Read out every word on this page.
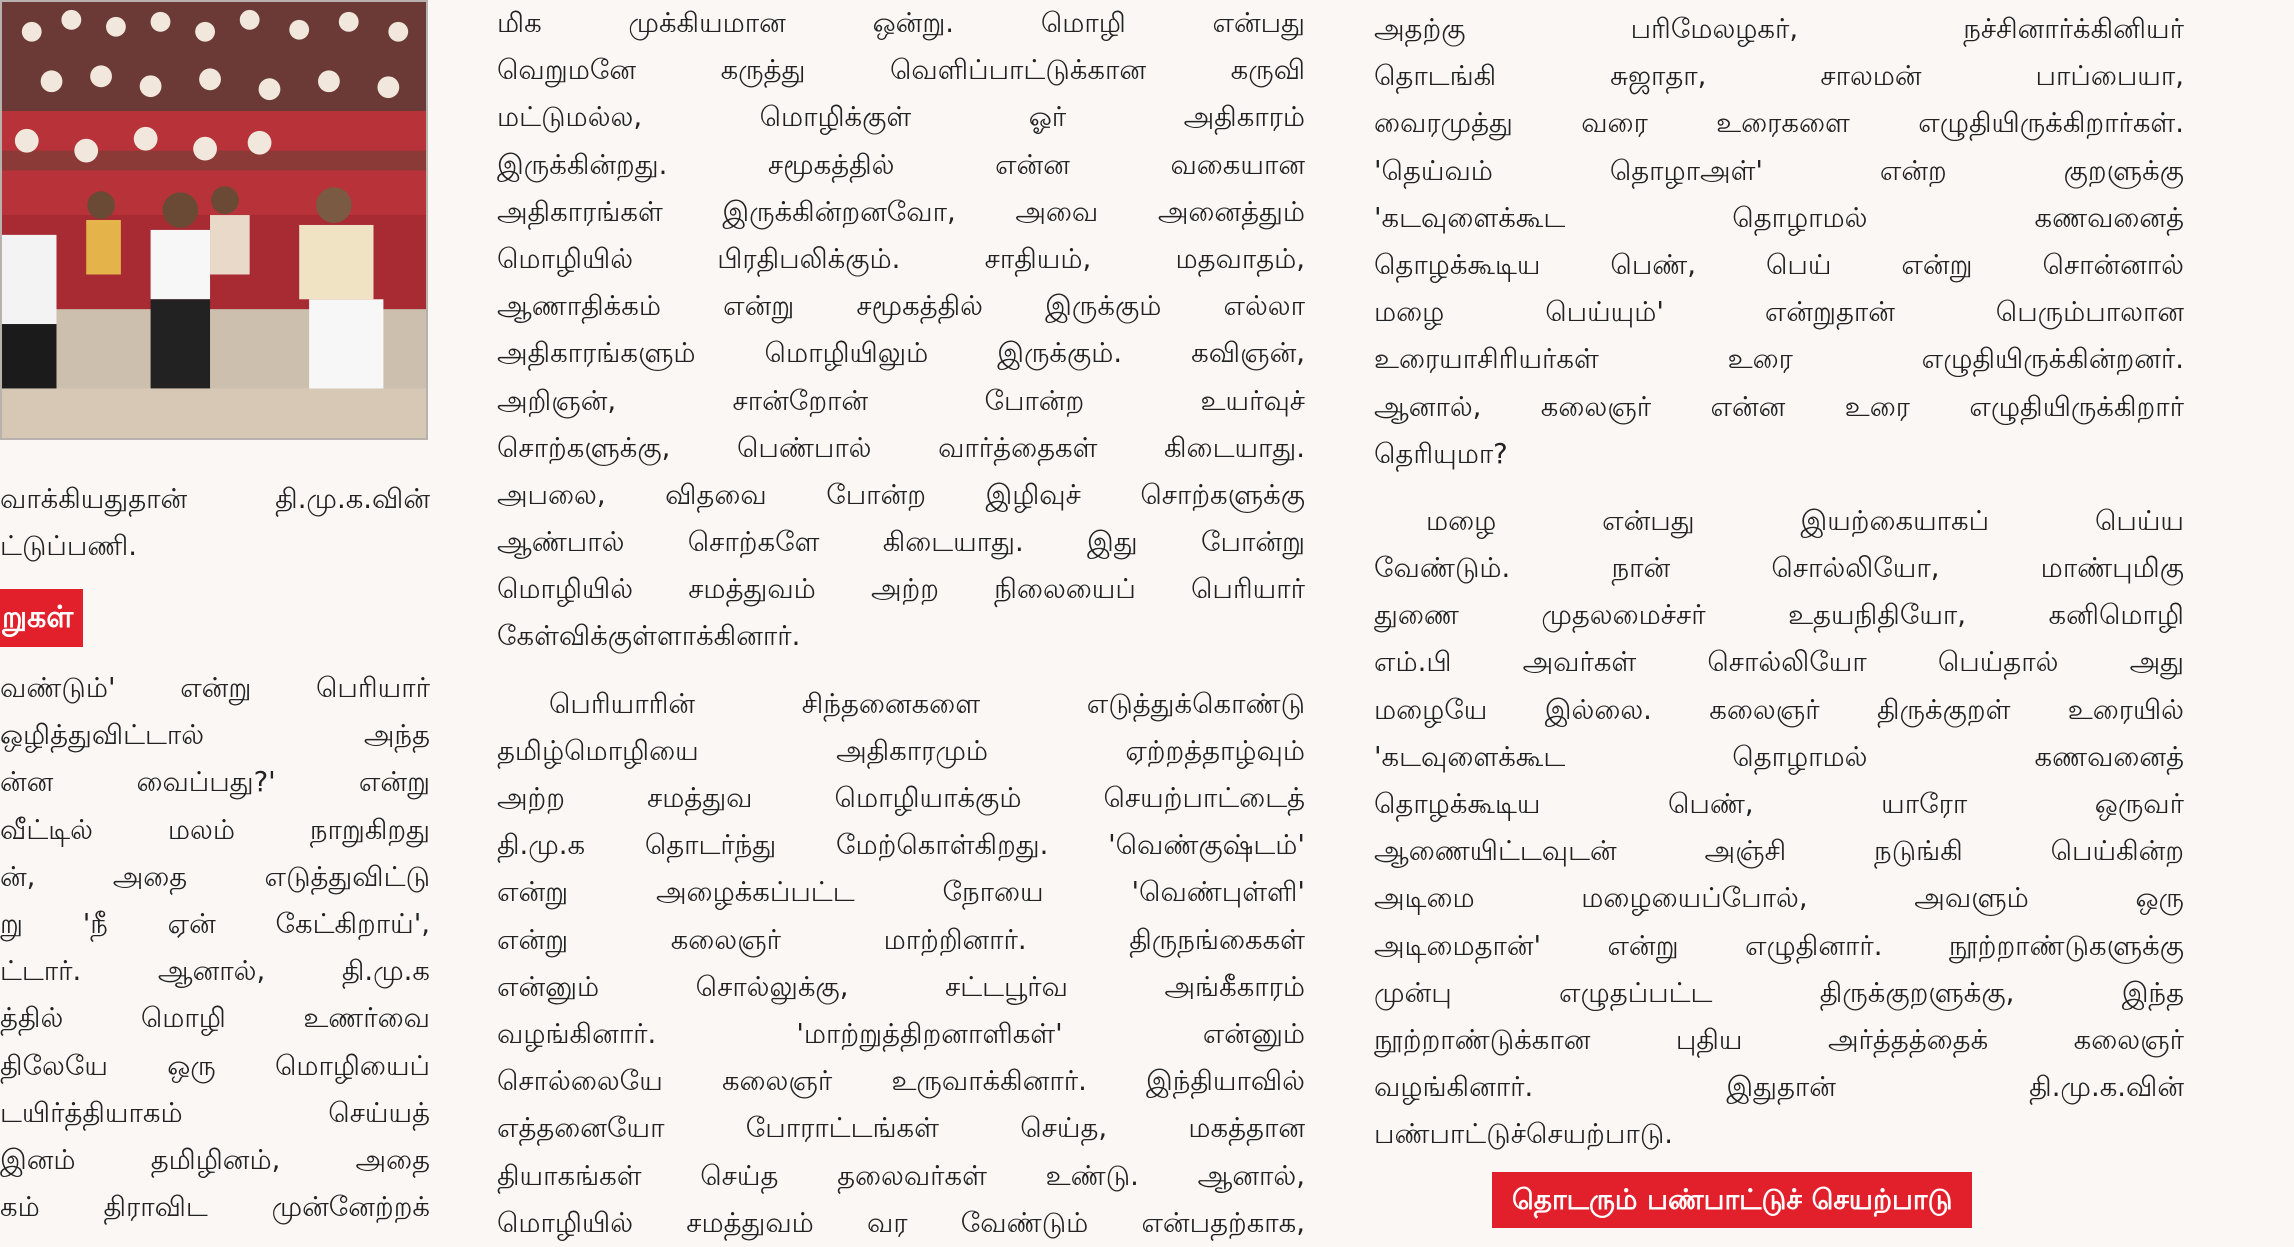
வாக்கியதுதான் தி.மு.க.வின்
ட்டுப்பணி.
றுகள்
வண்டும்' என்று பெரியார்
ஒழித்துவிட்டால் அந்த
ன்ன வைப்பது?' என்று
வீட்டில் மலம் நாறுகிறது
ன், அதை எடுத்துவிட்டு
று 'நீ ஏன் கேட்கிறாய்',
ட்டார். ஆனால், தி.மு.க
த்தில் மொழி உணர்வை
திலேயே ஒரு மொழியைப்
டயிர்த்தியாகம் செய்யத்
இனம் தமிழினம், அதை
கம் திராவிட முன்னேற்றக்
மிக முக்கியமான ஒன்று. மொழி என்பது
வெறுமனே கருத்து வெளிப்பாட்டுக்கான கருவி
மட்டுமல்ல, மொழிக்குள் ஓர் அதிகாரம்
இருக்கின்றது. சமூகத்தில் என்ன வகையான
அதிகாரங்கள் இருக்கின்றனவோ, அவை அனைத்தும்
மொழியில் பிரதிபலிக்கும். சாதியம், மதவாதம்,
ஆணாதிக்கம் என்று சமூகத்தில் இருக்கும் எல்லா
அதிகாரங்களும் மொழியிலும் இருக்கும். கவிஞன்,
அறிஞன், சான்றோன் போன்ற உயர்வுச்
சொற்களுக்கு, பெண்பால் வார்த்தைகள் கிடையாது.
அபலை, விதவை போன்ற இழிவுச் சொற்களுக்கு
ஆண்பால் சொற்களே கிடையாது. இது போன்று
மொழியில் சமத்துவம் அற்ற நிலையைப் பெரியார்
கேள்விக்குள்ளாக்கினார்.
பெரியாரின் சிந்தனைகளை எடுத்துக்கொண்டு
தமிழ்மொழியை அதிகாரமும் ஏற்றத்தாழ்வும்
அற்ற சமத்துவ மொழியாக்கும் செயற்பாட்டைத்
தி.மு.க தொடர்ந்து மேற்கொள்கிறது. 'வெண்குஷ்டம்'
என்று அழைக்கப்பட்ட நோயை 'வெண்புள்ளி'
என்று கலைஞர் மாற்றினார். திருநங்கைகள்
என்னும் சொல்லுக்கு, சட்டபூர்வ அங்கீகாரம்
வழங்கினார். 'மாற்றுத்திறனாளிகள்' என்னும்
சொல்லையே கலைஞர் உருவாக்கினார். இந்தியாவில்
எத்தனையோ போராட்டங்கள் செய்த, மகத்தான
தியாகங்கள் செய்த தலைவர்கள் உண்டு. ஆனால்,
மொழியில் சமத்துவம் வர வேண்டும் என்பதற்காக,
அதற்கு பரிமேலழகர், நச்சினார்க்கினியர்
தொடங்கி சுஜாதா, சாலமன் பாப்பையா,
வைரமுத்து வரை உரைகளை எழுதியிருக்கிறார்கள்.
'தெய்வம் தொழாஅள்' என்ற குறளுக்கு
'கடவுளைக்கூட தொழாமல் கணவனைத்
தொழக்கூடிய பெண், பெய் என்று சொன்னால்
மழை பெய்யும்' என்றுதான் பெரும்பாலான
உரையாசிரியர்கள் உரை எழுதியிருக்கின்றனர்.
ஆனால், கலைஞர் என்ன உரை எழுதியிருக்கிறார்
தெரியுமா?
மழை என்பது இயற்கையாகப் பெய்ய
வேண்டும். நான் சொல்லியோ, மாண்புமிகு
துணை முதலமைச்சர் உதயநிதியோ, கனிமொழி
எம்.பி அவர்கள் சொல்லியோ பெய்தால் அது
மழையே இல்லை. கலைஞர் திருக்குறள் உரையில்
'கடவுளைக்கூட தொழாமல் கணவனைத்
தொழக்கூடிய பெண், யாரோ ஒருவர்
ஆணையிட்டவுடன் அஞ்சி நடுங்கி பெய்கின்ற
அடிமை மழையைப்போல், அவளும் ஒரு
அடிமைதான்' என்று எழுதினார். நூற்றாண்டுகளுக்கு
முன்பு எழுதப்பட்ட திருக்குறளுக்கு, இந்த
நூற்றாண்டுக்கான புதிய அர்த்தத்தைக் கலைஞர்
வழங்கினார். இதுதான் தி.மு.க.வின்
பண்பாட்டுச்செயற்பாடு.
தொடரும் பண்பாட்டுச் செயற்பாடு
